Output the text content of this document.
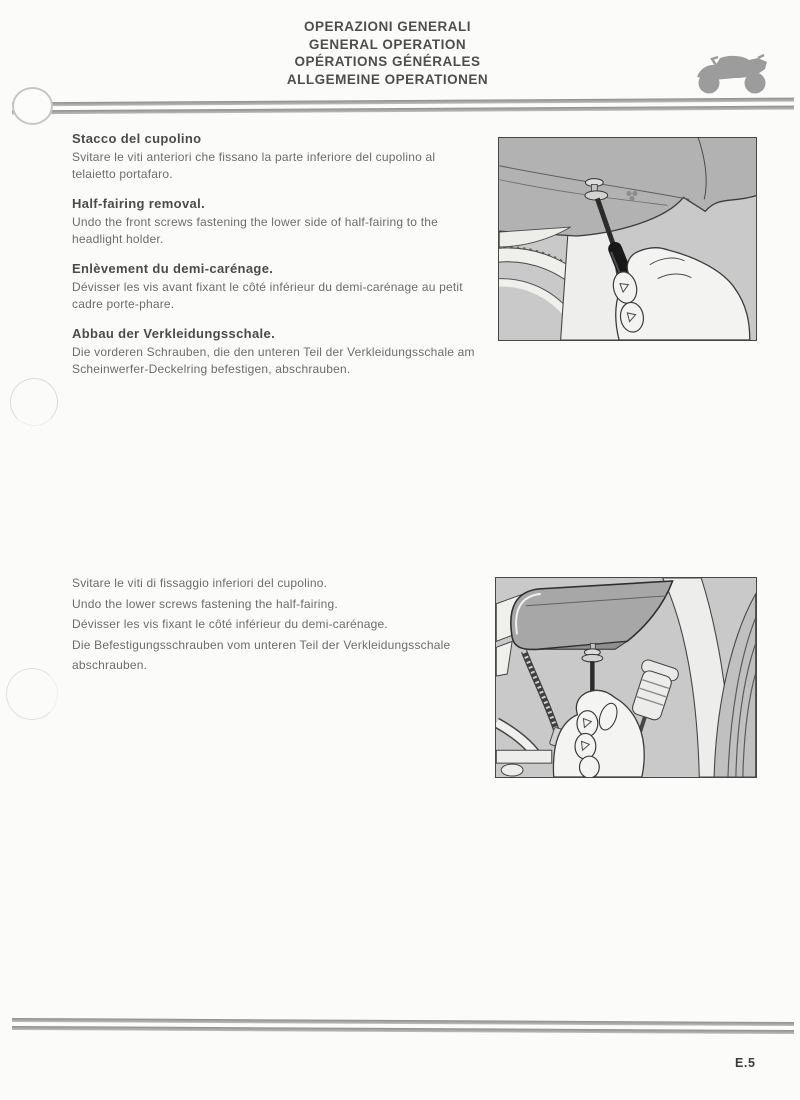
OPERAZIONI GENERALI
GENERAL OPERATION
OPÉRATIONS GÉNÉRALES
ALLGEMEINE OPERATIONEN
Stacco del cupolino

Svitare le viti anteriori che fissano la parte inferiore del cupolino al telaietto portafaro.

Half-fairing removal.

Undo the front screws fastening the lower side of half-fairing to the headlight holder.

Enlèvement du demi-carénage.

Dévisser les vis avant fixant le côté inférieur du demi-carénage au petit cadre porte-phare.

Abbau der Verkleidungsschale.

Die vorderen Schrauben, die den unteren Teil der Verkleidungsschale am Scheinwerfer-Deckelring befestigen, abschrauben.

Svitare le viti di fissaggio inferiori del cupolino.

Undo the lower screws fastening the half-fairing.

Dévisser les vis fixant le côté inférieur du demi-carénage.

Die Befestigungsschrauben vom unteren Teil der Verkleidungsschale abschrauben.

E.5
